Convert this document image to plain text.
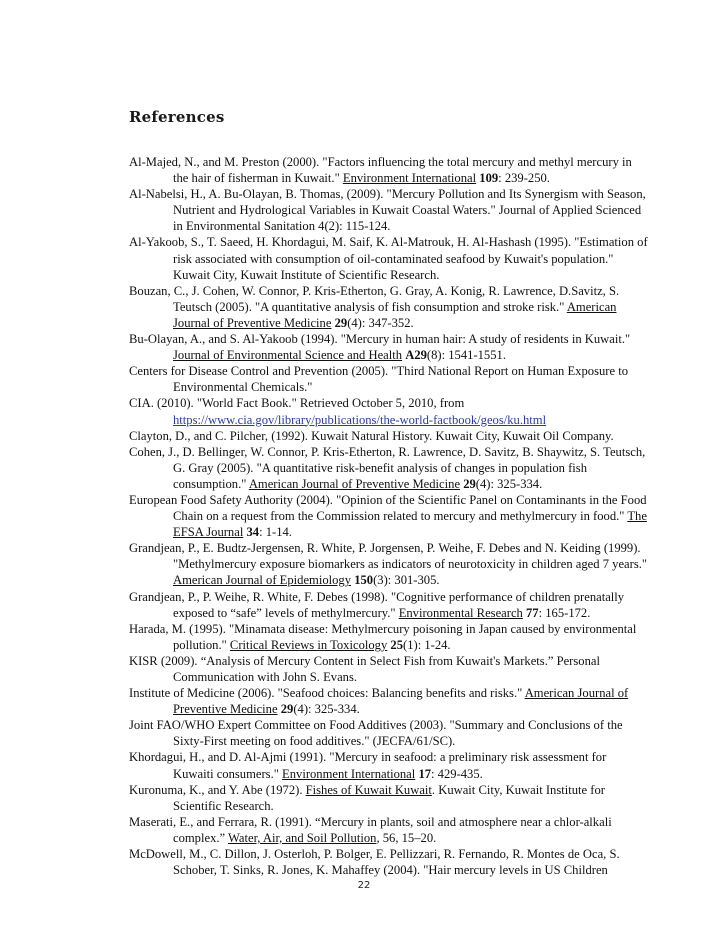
References

Al-Majed, N., and M. Preston (2000). "Factors influencing the total mercury and methyl mercury in the hair of fisherman in Kuwait." Environment International 109: 239-250.

Al-Nabelsi, H., A. Bu-Olayan, B. Thomas, (2009). "Mercury Pollution and Its Synergism with Season, Nutrient and Hydrological Variables in Kuwait Coastal Waters." Journal of Applied Scienced in Environmental Sanitation 4(2): 115-124.

Al-Yakoob, S., T. Saeed, H. Khordagui, M. Saif, K. Al-Matrouk, H. Al-Hashash (1995). "Estimation of risk associated with consumption of oil-contaminated seafood by Kuwait's population." Kuwait City, Kuwait Institute of Scientific Research.

Bouzan, C., J. Cohen, W. Connor, P. Kris-Etherton, G. Gray, A. Konig, R. Lawrence, D.Savitz, S. Teutsch (2005). "A quantitative analysis of fish consumption and stroke risk." American Journal of Preventive Medicine 29(4): 347-352.

Bu-Olayan, A., and S. Al-Yakoob (1994). "Mercury in human hair: A study of residents in Kuwait." Journal of Environmental Science and Health A29(8): 1541-1551.

Centers for Disease Control and Prevention (2005). "Third National Report on Human Exposure to Environmental Chemicals."

CIA. (2010). "World Fact Book." Retrieved October 5, 2010, from https://www.cia.gov/library/publications/the-world-factbook/geos/ku.html

Clayton, D., and C. Pilcher, (1992). Kuwait Natural History. Kuwait City, Kuwait Oil Company.

Cohen, J., D. Bellinger, W. Connor, P. Kris-Etherton, R. Lawrence, D. Savitz, B. Shaywitz, S. Teutsch, G. Gray (2005). "A quantitative risk-benefit analysis of changes in population fish consumption." American Journal of Preventive Medicine 29(4): 325-334.

European Food Safety Authority (2004). "Opinion of the Scientific Panel on Contaminants in the Food Chain on a request from the Commission related to mercury and methylmercury in food." The EFSA Journal 34: 1-14.

Grandjean, P., E. Budtz-Jergensen, R. White, P. Jorgensen, P. Weihe, F. Debes and N. Keiding (1999). "Methylmercury exposure biomarkers as indicators of neurotoxicity in children aged 7 years." American Journal of Epidemiology 150(3): 301-305.

Grandjean, P., P. Weihe, R. White, F. Debes (1998). "Cognitive performance of children prenatally exposed to “safe” levels of methylmercury." Environmental Research 77: 165-172.

Harada, M. (1995). "Minamata disease: Methylmercury poisoning in Japan caused by environmental pollution." Critical Reviews in Toxicology 25(1): 1-24.

KISR (2009). “Analysis of Mercury Content in Select Fish from Kuwait's Markets.” Personal Communication with John S. Evans.

Institute of Medicine (2006). "Seafood choices: Balancing benefits and risks." American Journal of Preventive Medicine 29(4): 325-334.

Joint FAO/WHO Expert Committee on Food Additives (2003). "Summary and Conclusions of the Sixty-First meeting on food additives." (JECFA/61/SC).

Khordagui, H., and D. Al-Ajmi (1991). "Mercury in seafood: a preliminary risk assessment for Kuwaiti consumers." Environment International 17: 429-435.

Kuronuma, K., and Y. Abe (1972). Fishes of Kuwait Kuwait. Kuwait City, Kuwait Institute for Scientific Research.

Maserati, E., and Ferrara, R. (1991). “Mercury in plants, soil and atmosphere near a chlor-alkali complex.” Water, Air, and Soil Pollution, 56, 15–20.

McDowell, M., C. Dillon, J. Osterloh, P. Bolger, E. Pellizzari, R. Fernando, R. Montes de Oca, S. Schober, T. Sinks, R. Jones, K. Mahaffey (2004). "Hair mercury levels in US Children

22
